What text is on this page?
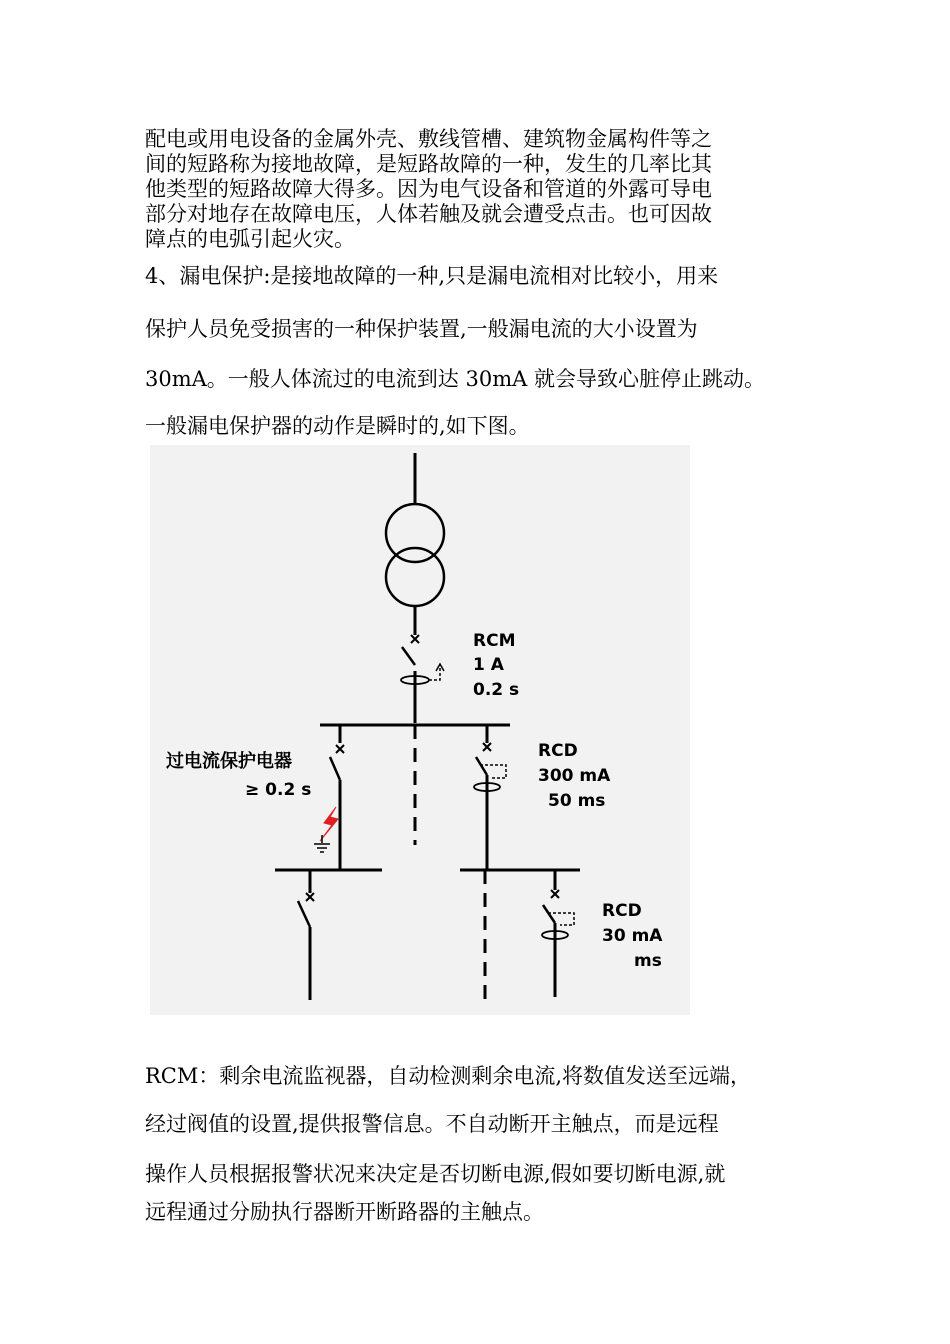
配电或用电设备的金属外壳、敷线管槽、建筑物金属构件等之
间的短路称为接地故障，是短路故障的一种，发生的几率比其
他类型的短路故障大得多。因为电气设备和管道的外露可导电
部分对地存在故障电压，人体若触及就会遭受点击。也可因故
障点的电弧引起火灾。
4、漏电保护:是接地故障的一种,只是漏电流相对比较小，用来
保护人员免受损害的一种保护装置,一般漏电流的大小设置为
30mA。一般人体流过的电流到达 30mA 就会导致心脏停止跳动。
一般漏电保护器的动作是瞬时的,如下图。
RCM
1 A
0.2 s
过电流保护电器
≥ 0.2 s
RCD
300 mA
50 ms
RCD
30 mA
ms
RCM：剩余电流监视器，自动检测剩余电流,将数值发送至远端，
经过阀值的设置,提供报警信息。不自动断开主触点，而是远程
操作人员根据报警状况来决定是否切断电源,假如要切断电源,就
远程通过分励执行器断开断路器的主触点。
